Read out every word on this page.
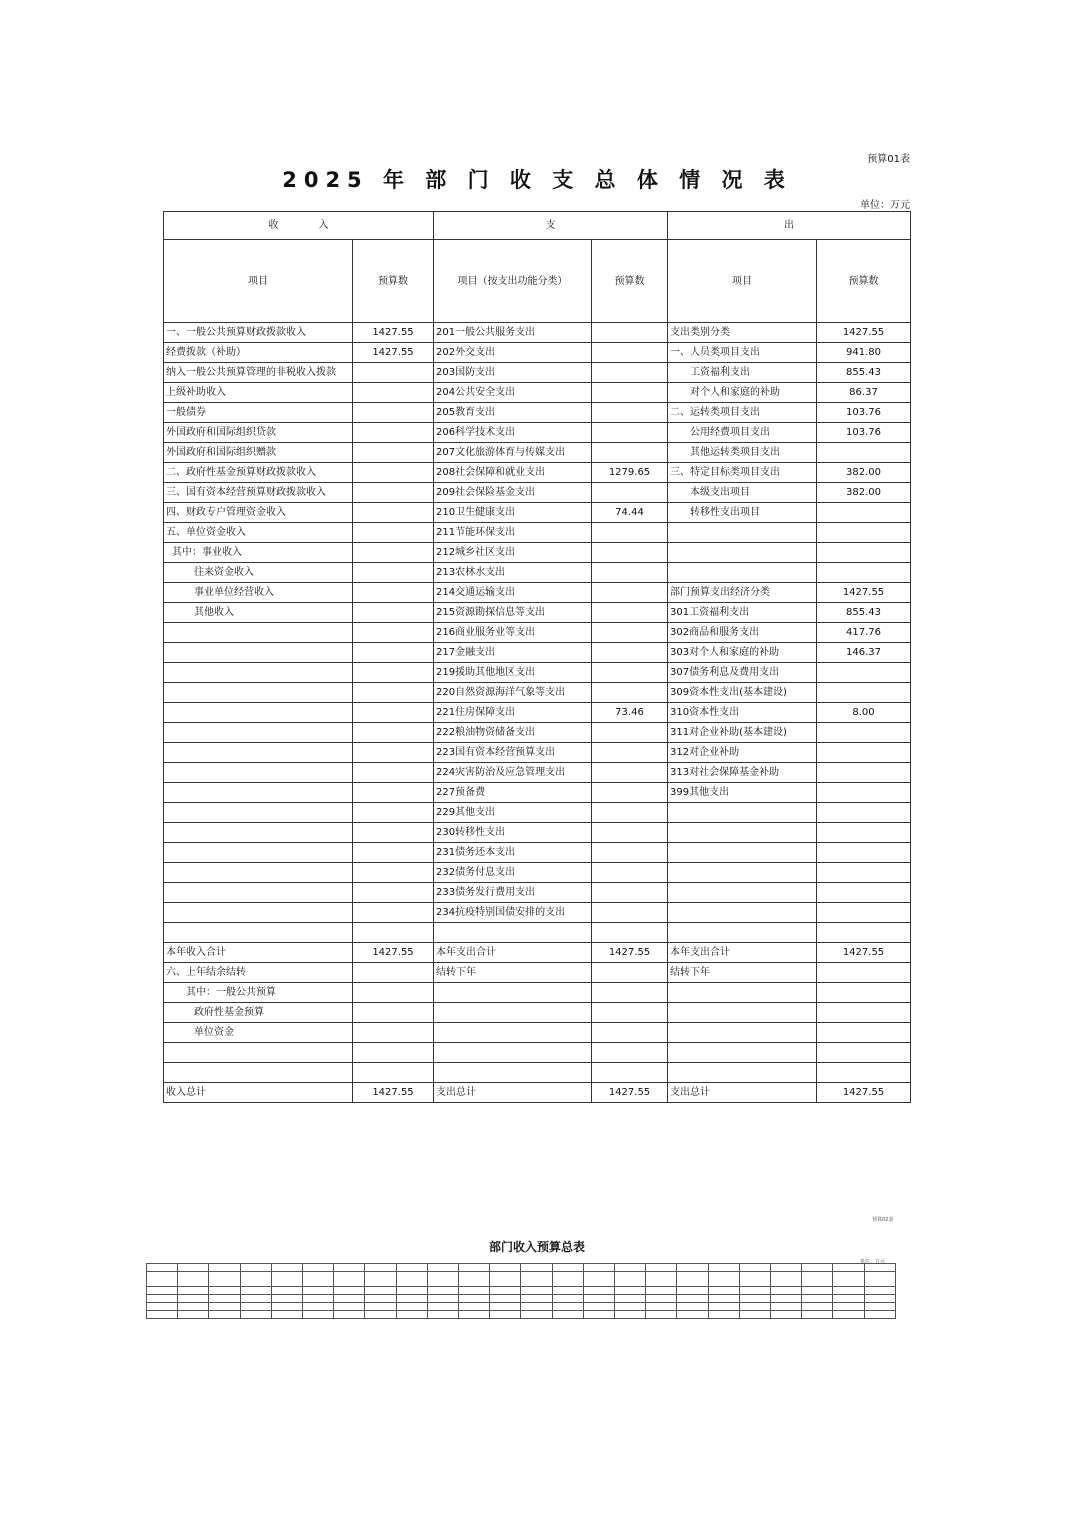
预算01表
2025 年 部 门 收 支 总 体 情 况 表
单位：万元
收　　　　入		支		出	
项目	预算数	项目（按支出功能分类）	预算数	项目	预算数
一、一般公共预算财政拨款收入	1427.55	201一般公共服务支出		支出类别分类	1427.55
经费拨款（补助）	1427.55	202外交支出		一、人员类项目支出	941.80
纳入一般公共预算管理的非税收入拨款		203国防支出		工资福利支出	855.43
上级补助收入		204公共安全支出		对个人和家庭的补助	86.37
一般债券		205教育支出		二、运转类项目支出	103.76
外国政府和国际组织贷款		206科学技术支出		公用经费项目支出	103.76
外国政府和国际组织赠款		207文化旅游体育与传媒支出		其他运转类项目支出	
二、政府性基金预算财政拨款收入		208社会保障和就业支出	1279.65	三、特定目标类项目支出	382.00
三、国有资本经营预算财政拨款收入		209社会保险基金支出		本级支出项目	382.00
四、财政专户管理资金收入		210卫生健康支出	74.44	转移性支出项目	
五、单位资金收入		211节能环保支出			
其中：事业收入		212城乡社区支出			
往来资金收入		213农林水支出			
事业单位经营收入		214交通运输支出		部门预算支出经济分类	1427.55
其他收入		215资源勘探信息等支出		301工资福利支出	855.43
		216商业服务业等支出		302商品和服务支出	417.76
		217金融支出		303对个人和家庭的补助	146.37
		219援助其他地区支出		307债务利息及费用支出	
		220自然资源海洋气象等支出		309资本性支出(基本建设)	
		221住房保障支出	73.46	310资本性支出	8.00
		222粮油物资储备支出		311对企业补助(基本建设)	
		223国有资本经营预算支出		312对企业补助	
		224灾害防治及应急管理支出		313对社会保障基金补助	
		227预备费		399其他支出	
		229其他支出			
		230转移性支出			
		231债务还本支出			
		232债务付息支出			
		233债务发行费用支出			
		234抗疫特别国债安排的支出			

本年收入合计	1427.55	本年支出合计	1427.55	本年支出合计	1427.55
六、上年结余结转		结转下年		结转下年	
其中：一般公共预算					
政府性基金预算					
单位资金					

收入总计	1427.55	支出总计	1427.55	支出总计	1427.55
预算02表
部门收入预算总表
单位：万元
